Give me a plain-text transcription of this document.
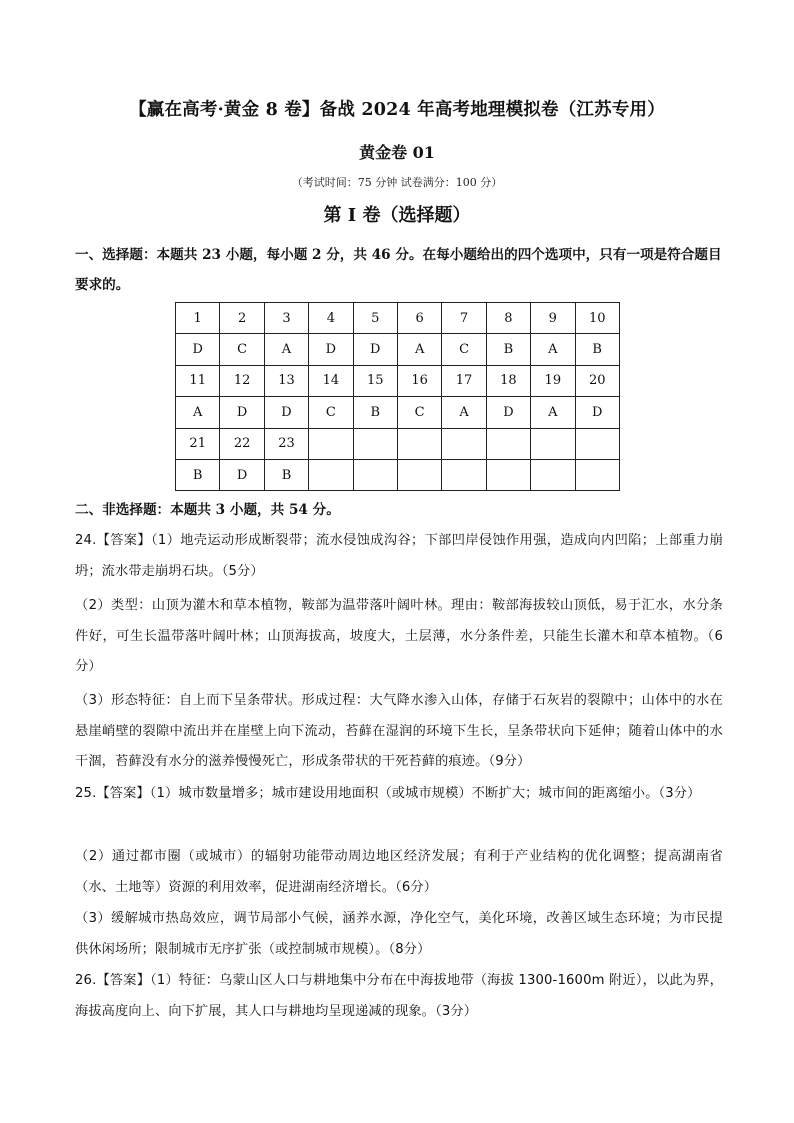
【赢在高考·黄金 8 卷】备战 2024 年高考地理模拟卷（江苏专用）
黄金卷 01
（考试时间：75 分钟 试卷满分：100 分）
第 I 卷（选择题）
一、选择题：本题共 23 小题，每小题 2 分，共 46 分。在每小题给出的四个选项中，只有一项是符合题目要求的。
1	2	3	4	5	6	7	8	9	10
D	C	A	D	D	A	C	B	A	B
11	12	13	14	15	16	17	18	19	20
A	D	D	C	B	C	A	D	A	D
21	22	23							
B	D	B							
二、非选择题：本题共 3 小题，共 54 分。
24.【答案】（1）地壳运动形成断裂带；流水侵蚀成沟谷；下部凹岸侵蚀作用强，造成向内凹陷；上部重力崩坍；流水带走崩坍石块。（5分）
（2）类型：山顶为灌木和草本植物，鞍部为温带落叶阔叶林。理由：鞍部海拔较山顶低，易于汇水，水分条件好，可生长温带落叶阔叶林；山顶海拔高，坡度大，土层薄，水分条件差，只能生长灌木和草本植物。（6分）
（3）形态特征：自上而下呈条带状。形成过程：大气降水渗入山体，存储于石灰岩的裂隙中；山体中的水在悬崖峭壁的裂隙中流出并在崖壁上向下流动，苔藓在湿润的环境下生长，呈条带状向下延伸；随着山体中的水干涸，苔藓没有水分的滋养慢慢死亡，形成条带状的干死苔藓的痕迹。（9分）
25.【答案】（1）城市数量增多；城市建设用地面积（或城市规模）不断扩大；城市间的距离缩小。（3分）
（2）通过都市圈（或城市）的辐射功能带动周边地区经济发展；有利于产业结构的优化调整；提高湖南省（水、土地等）资源的利用效率，促进湖南经济增长。（6分）
（3）缓解城市热岛效应，调节局部小气候，涵养水源，净化空气，美化环境，改善区域生态环境；为市民提供休闲场所；限制城市无序扩张（或控制城市规模）。（8分）
26.【答案】（1）特征：乌蒙山区人口与耕地集中分布在中海拔地带（海拔 1300-1600m 附近），以此为界，海拔高度向上、向下扩展，其人口与耕地均呈现递减的现象。（3分）
